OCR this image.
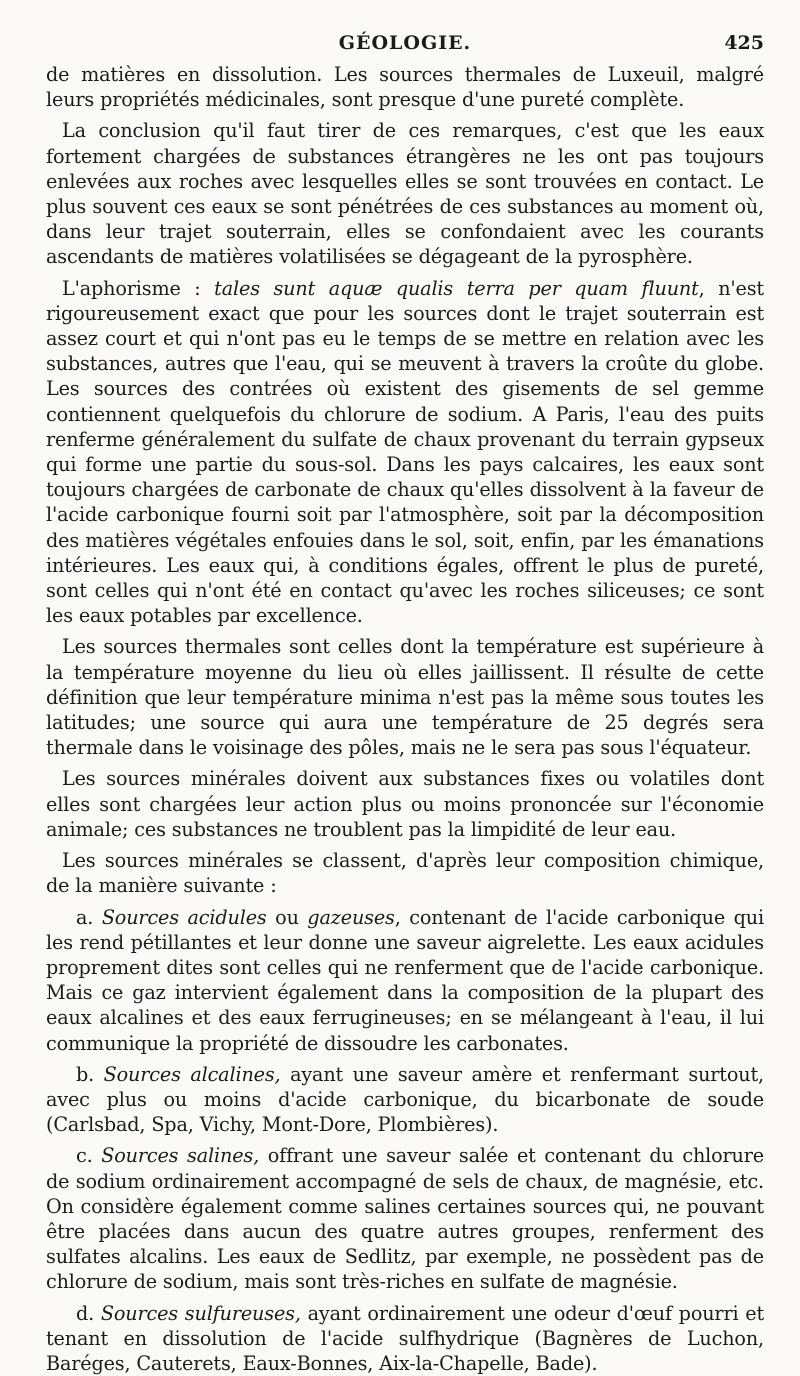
GÉOLOGIE.	425

de matières en dissolution. Les sources thermales de Luxeuil, malgré leurs propriétés médicinales, sont presque d'une pureté complète.

La conclusion qu'il faut tirer de ces remarques, c'est que les eaux fortement chargées de substances étrangères ne les ont pas toujours enlevées aux roches avec lesquelles elles se sont trouvées en contact. Le plus souvent ces eaux se sont pénétrées de ces substances au moment où, dans leur trajet souterrain, elles se confondaient avec les courants ascendants de matières volatilisées se dégageant de la pyrosphère.

L'aphorisme : tales sunt aquæ qualis terra per quam fluunt, n'est rigoureusement exact que pour les sources dont le trajet souterrain est assez court et qui n'ont pas eu le temps de se mettre en relation avec les substances, autres que l'eau, qui se meuvent à travers la croûte du globe. Les sources des contrées où existent des gisements de sel gemme contiennent quelquefois du chlorure de sodium. A Paris, l'eau des puits renferme généralement du sulfate de chaux provenant du terrain gypseux qui forme une partie du sous-sol. Dans les pays calcaires, les eaux sont toujours chargées de carbonate de chaux qu'elles dissolvent à la faveur de l'acide carbonique fourni soit par l'atmosphère, soit par la décomposition des matières végétales enfouies dans le sol, soit, enfin, par les émanations intérieures. Les eaux qui, à conditions égales, offrent le plus de pureté, sont celles qui n'ont été en contact qu'avec les roches siliceuses; ce sont les eaux potables par excellence.

Les sources thermales sont celles dont la température est supérieure à la température moyenne du lieu où elles jaillissent. Il résulte de cette définition que leur température minima n'est pas la même sous toutes les latitudes; une source qui aura une température de 25 degrés sera thermale dans le voisinage des pôles, mais ne le sera pas sous l'équateur.

Les sources minérales doivent aux substances fixes ou volatiles dont elles sont chargées leur action plus ou moins prononcée sur l'économie animale; ces substances ne troublent pas la limpidité de leur eau.

Les sources minérales se classent, d'après leur composition chimique, de la manière suivante :

a. Sources acidules ou gazeuses, contenant de l'acide carbonique qui les rend pétillantes et leur donne une saveur aigrelette. Les eaux acidules proprement dites sont celles qui ne renferment que de l'acide carbonique. Mais ce gaz intervient également dans la composition de la plupart des eaux alcalines et des eaux ferrugineuses; en se mélangeant à l'eau, il lui communique la propriété de dissoudre les carbonates.

b. Sources alcalines, ayant une saveur amère et renfermant surtout, avec plus ou moins d'acide carbonique, du bicarbonate de soude (Carlsbad, Spa, Vichy, Mont-Dore, Plombières).

c. Sources salines, offrant une saveur salée et contenant du chlorure de sodium ordinairement accompagné de sels de chaux, de magnésie, etc. On considère également comme salines certaines sources qui, ne pouvant être placées dans aucun des quatre autres groupes, renferment des sulfates alcalins. Les eaux de Sedlitz, par exemple, ne possèdent pas de chlorure de sodium, mais sont très-riches en sulfate de magnésie.

d. Sources sulfureuses, ayant ordinairement une odeur d'œuf pourri et tenant en dissolution de l'acide sulfhydrique (Bagnères de Luchon, Baréges, Cauterets, Eaux-Bonnes, Aix-la-Chapelle, Bade).
